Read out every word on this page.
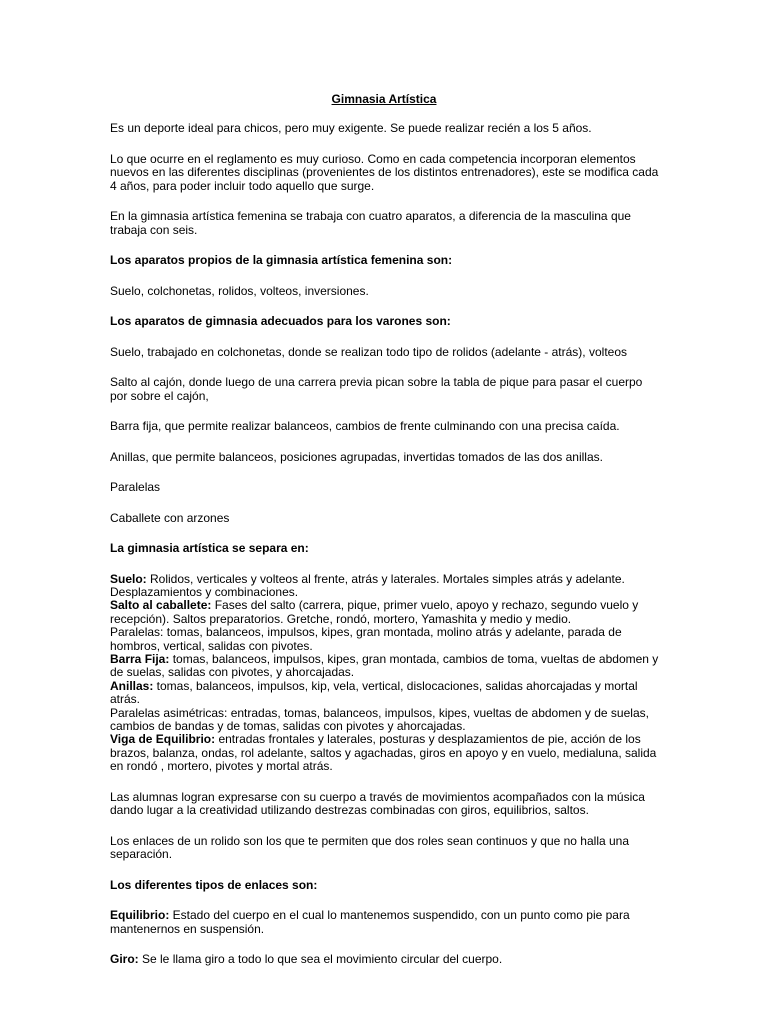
Gimnasia Artística

Es un deporte ideal para chicos, pero muy exigente. Se puede realizar recién a los 5 años.

Lo que ocurre en el reglamento es muy curioso. Como en cada competencia incorporan elementos nuevos en las diferentes disciplinas (provenientes de los distintos entrenadores), este se modifica cada 4 años, para poder incluir todo aquello que surge.

En la gimnasia artística femenina se trabaja con cuatro aparatos, a diferencia de la masculina que trabaja con seis.

Los aparatos propios de la gimnasia artística femenina son:

Suelo, colchonetas, rolidos, volteos, inversiones.

Los aparatos de gimnasia adecuados para los varones son:

Suelo, trabajado en colchonetas, donde se realizan todo tipo de rolidos (adelante - atrás), volteos

Salto al cajón, donde luego de una carrera previa pican sobre la tabla de pique para pasar el cuerpo por sobre el cajón,

Barra fija, que permite realizar balanceos, cambios de frente culminando con una precisa caída.

Anillas, que permite balanceos, posiciones agrupadas, invertidas tomados de las dos anillas.

Paralelas

Caballete con arzones

La gimnasia artística se separa en:

Suelo: Rolidos, verticales y volteos al frente, atrás y laterales. Mortales simples atrás y adelante. Desplazamientos y combinaciones.

Salto al caballete: Fases del salto (carrera, pique, primer vuelo, apoyo y rechazo, segundo vuelo y recepción). Saltos preparatorios. Gretche, rondó, mortero, Yamashita y medio y medio.

Paralelas: tomas, balanceos, impulsos, kipes, gran montada, molino atrás y adelante, parada de hombros, vertical, salidas con pivotes.

Barra Fija: tomas, balanceos, impulsos, kipes, gran montada, cambios de toma, vueltas de abdomen y de suelas, salidas con pivotes, y ahorcajadas.

Anillas: tomas, balanceos, impulsos, kip, vela, vertical, dislocaciones, salidas ahorcajadas y mortal atrás.

Paralelas asimétricas: entradas, tomas, balanceos, impulsos, kipes, vueltas de abdomen y de suelas, cambios de bandas y de tomas, salidas con pivotes y ahorcajadas.

Viga de Equilibrio: entradas frontales y laterales, posturas y desplazamientos de pie, acción de los brazos, balanza, ondas, rol adelante, saltos y agachadas, giros en apoyo y en vuelo, medialuna, salida en rondó , mortero, pivotes y mortal atrás.

Las alumnas logran expresarse con su cuerpo a través de movimientos acompañados con la música dando lugar a la creatividad utilizando destrezas combinadas con giros, equilibrios, saltos.

Los enlaces de un rolido son los que te permiten que dos roles sean continuos y que no halla una separación.

Los diferentes tipos de enlaces son:

Equilibrio: Estado del cuerpo en el cual lo mantenemos suspendido, con un punto como pie para mantenernos en suspensión.

Giro: Se le llama giro a todo lo que sea el movimiento circular del cuerpo.
